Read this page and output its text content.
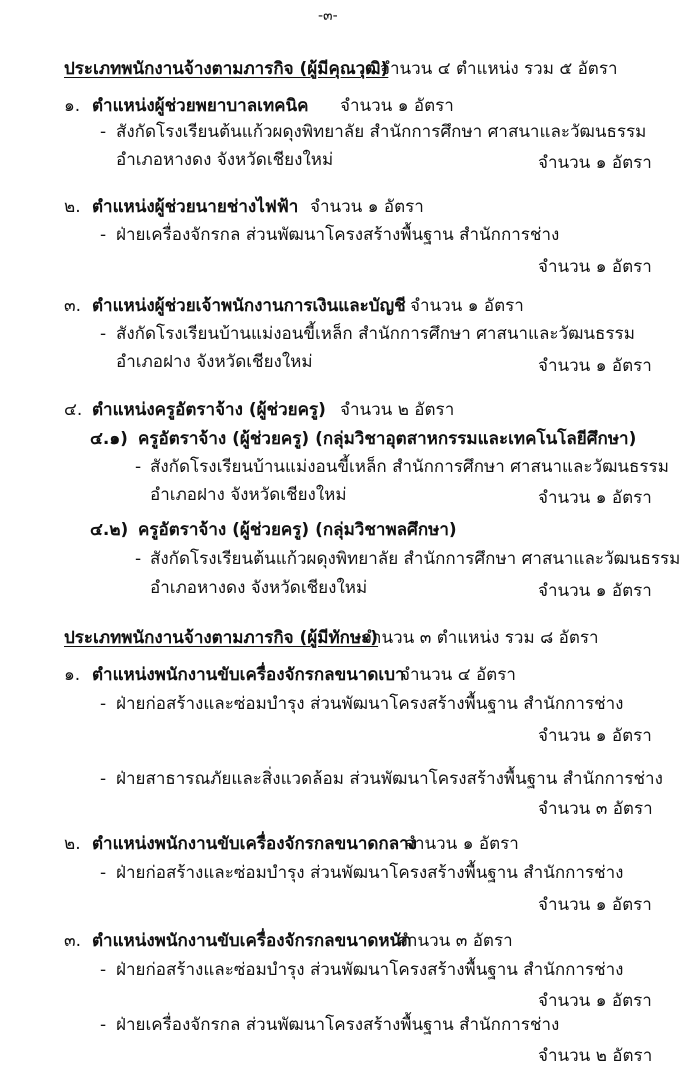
-๓-
ประเภทพนักงานจ้างตามภารกิจ (ผู้มีคุณวุฒิ)
จำนวน ๔ ตำแหน่ง รวม ๕ อัตรา
๑. ตำแหน่งผู้ช่วยพยาบาลเทคนิค จำนวน ๑ อัตรา
- สังกัดโรงเรียนต้นแก้วผดุงพิทยาลัย สำนักการศึกษา ศาสนาและวัฒนธรรม
อำเภอหางดง จังหวัดเชียงใหม่	จำนวน ๑ อัตรา
๒. ตำแหน่งผู้ช่วยนายช่างไฟฟ้า จำนวน ๑ อัตรา
- ฝ่ายเครื่องจักรกล ส่วนพัฒนาโครงสร้างพื้นฐาน สำนักการช่าง
จำนวน ๑ อัตรา
๓. ตำแหน่งผู้ช่วยเจ้าพนักงานการเงินและบัญชี จำนวน ๑ อัตรา
- สังกัดโรงเรียนบ้านแม่งอนขี้เหล็ก สำนักการศึกษา ศาสนาและวัฒนธรรม
อำเภอฝาง จังหวัดเชียงใหม่	จำนวน ๑ อัตรา
๔. ตำแหน่งครูอัตราจ้าง (ผู้ช่วยครู) จำนวน ๒ อัตรา
๔.๑) ครูอัตราจ้าง (ผู้ช่วยครู) (กลุ่มวิชาอุตสาหกรรมและเทคโนโลยีศึกษา)
- สังกัดโรงเรียนบ้านแม่งอนขี้เหล็ก สำนักการศึกษา ศาสนาและวัฒนธรรม
อำเภอฝาง จังหวัดเชียงใหม่	จำนวน ๑ อัตรา
๔.๒) ครูอัตราจ้าง (ผู้ช่วยครู) (กลุ่มวิชาพลศึกษา)
- สังกัดโรงเรียนต้นแก้วผดุงพิทยาลัย สำนักการศึกษา ศาสนาและวัฒนธรรม
อำเภอหางดง จังหวัดเชียงใหม่	จำนวน ๑ อัตรา
ประเภทพนักงานจ้างตามภารกิจ (ผู้มีทักษะ)
จำนวน ๓ ตำแหน่ง รวม ๘ อัตรา
๑. ตำแหน่งพนักงานขับเครื่องจักรกลขนาดเบา
จำนวน ๔ อัตรา
- ฝ่ายก่อสร้างและซ่อมบำรุง ส่วนพัฒนาโครงสร้างพื้นฐาน สำนักการช่าง
จำนวน ๑ อัตรา
- ฝ่ายสาธารณภัยและสิ่งแวดล้อม ส่วนพัฒนาโครงสร้างพื้นฐาน สำนักการช่าง
จำนวน ๓ อัตรา
๒. ตำแหน่งพนักงานขับเครื่องจักรกลขนาดกลาง
จำนวน ๑ อัตรา
- ฝ่ายก่อสร้างและซ่อมบำรุง ส่วนพัฒนาโครงสร้างพื้นฐาน สำนักการช่าง
จำนวน ๑ อัตรา
๓. ตำแหน่งพนักงานขับเครื่องจักรกลขนาดหนัก
จำนวน ๓ อัตรา
- ฝ่ายก่อสร้างและซ่อมบำรุง ส่วนพัฒนาโครงสร้างพื้นฐาน สำนักการช่าง
จำนวน ๑ อัตรา
- ฝ่ายเครื่องจักรกล ส่วนพัฒนาโครงสร้างพื้นฐาน สำนักการช่าง
จำนวน ๒ อัตรา
